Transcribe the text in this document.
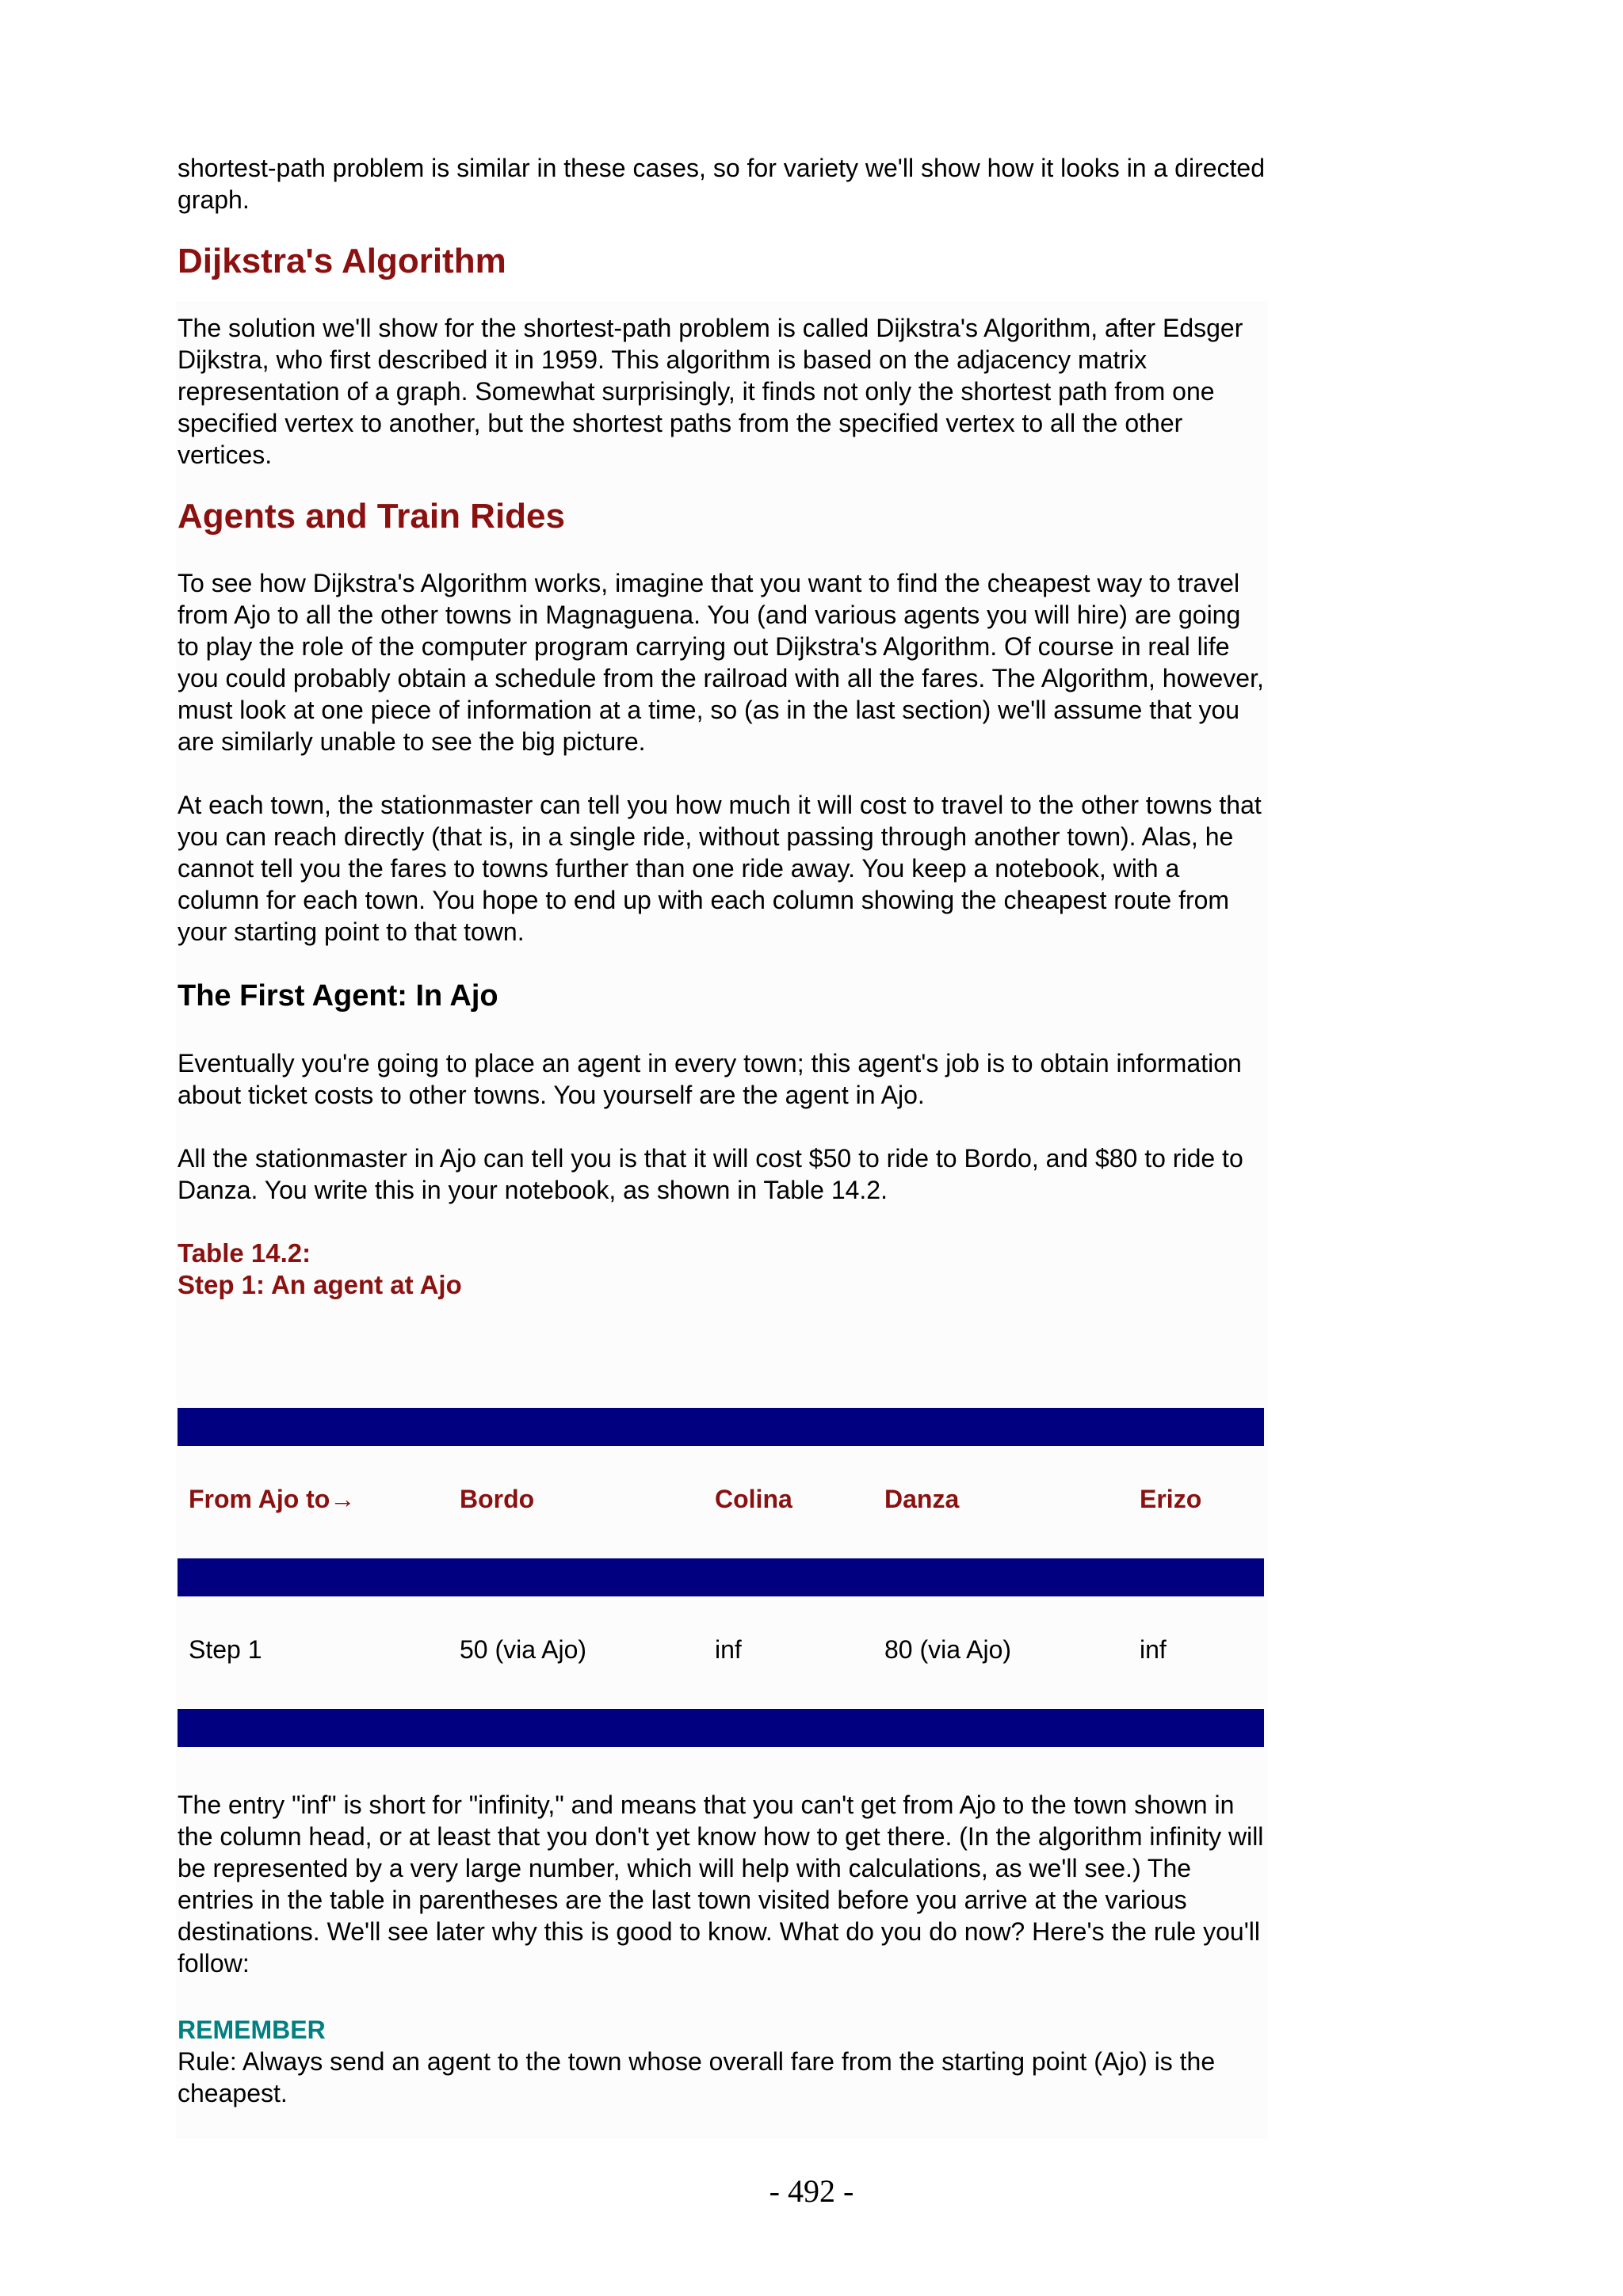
shortest-path problem is similar in these cases, so for variety we'll show how it looks in a directed graph.

Dijkstra's Algorithm

The solution we'll show for the shortest-path problem is called Dijkstra's Algorithm, after Edsger Dijkstra, who first described it in 1959. This algorithm is based on the adjacency matrix representation of a graph. Somewhat surprisingly, it finds not only the shortest path from one specified vertex to another, but the shortest paths from the specified vertex to all the other vertices.

Agents and Train Rides

To see how Dijkstra's Algorithm works, imagine that you want to find the cheapest way to travel from Ajo to all the other towns in Magnaguena. You (and various agents you will hire) are going to play the role of the computer program carrying out Dijkstra's Algorithm. Of course in real life you could probably obtain a schedule from the railroad with all the fares. The Algorithm, however, must look at one piece of information at a time, so (as in the last section) we'll assume that you are similarly unable to see the big picture.

At each town, the stationmaster can tell you how much it will cost to travel to the other towns that you can reach directly (that is, in a single ride, without passing through another town). Alas, he cannot tell you the fares to towns further than one ride away. You keep a notebook, with a column for each town. You hope to end up with each column showing the cheapest route from your starting point to that town.

The First Agent: In Ajo

Eventually you're going to place an agent in every town; this agent's job is to obtain information about ticket costs to other towns. You yourself are the agent in Ajo.

All the stationmaster in Ajo can tell you is that it will cost $50 to ride to Bordo, and $80 to ride to Danza. You write this in your notebook, as shown in Table 14.2.

Table 14.2:

Step 1: An agent at Ajo

From Ajo to→	Bordo	Colina	Danza	Erizo
Step 1	50 (via Ajo)	inf	80 (via Ajo)	inf

The entry "inf" is short for "infinity," and means that you can't get from Ajo to the town shown in the column head, or at least that you don't yet know how to get there. (In the algorithm infinity will be represented by a very large number, which will help with calculations, as we'll see.) The entries in the table in parentheses are the last town visited before you arrive at the various destinations. We'll see later why this is good to know. What do you do now? Here's the rule you'll follow:

REMEMBER

Rule: Always send an agent to the town whose overall fare from the starting point (Ajo) is the cheapest.

- 492 -
